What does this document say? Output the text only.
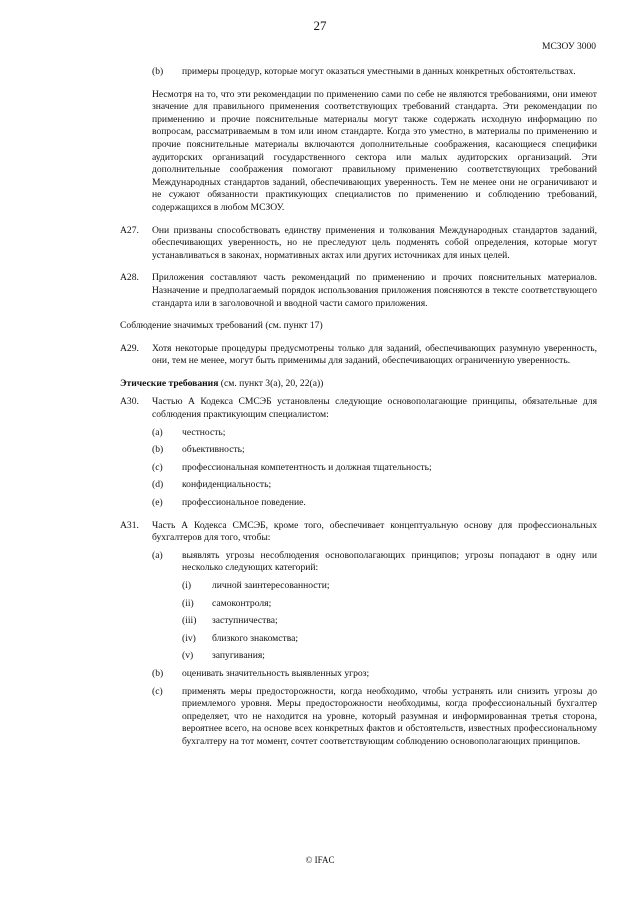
27
МСЗОУ 3000
(b)	примеры процедур, которые могут оказаться уместными в данных конкретных обстоятельствах.

Несмотря на то, что эти рекомендации по применению сами по себе не являются требованиями, они имеют значение для правильного применения соответствующих требований стандарта. Эти рекомендации по применению и прочие пояснительные материалы могут также содержать исходную информацию по вопросам, рассматриваемым в том или ином стандарте. Когда это уместно, в материалы по применению и прочие пояснительные материалы включаются дополнительные соображения, касающиеся специфики аудиторских организаций государственного сектора или малых аудиторских организаций. Эти дополнительные соображения помогают правильному применению соответствующих требований Международных стандартов заданий, обеспечивающих уверенность. Тем не менее они не ограничивают и не сужают обязанности практикующих специалистов по применению и соблюдению требований, содержащихся в любом МСЗОУ.

A27.	Они призваны способствовать единству применения и толкования Международных стандартов заданий, обеспечивающих уверенность, но не преследуют цель подменять собой определения, которые могут устанавливаться в законах, нормативных актах или других источниках для иных целей.
A28.	Приложения составляют часть рекомендаций по применению и прочих пояснительных материалов. Назначение и предполагаемый порядок использования приложения поясняются в тексте соответствующего стандарта или в заголовочной и вводной части самого приложения.

Соблюдение значимых требований (см. пункт 17)

A29.	Хотя некоторые процедуры предусмотрены только для заданий, обеспечивающих разумную уверенность, они, тем не менее, могут быть применимы для заданий, обеспечивающих ограниченную уверенность.

Этические требования (см. пункт 3(a), 20, 22(a))

A30.	Частью А Кодекса СМСЭБ установлены следующие основополагающие принципы, обязательные для соблюдения практикующим специалистом:
(a)	честность;
(b)	объективность;
(c)	профессиональная компетентность и должная тщательность;
(d)	конфиденциальность;
(e)	профессиональное поведение.
A31.	Часть А Кодекса СМСЭБ, кроме того, обеспечивает концептуальную основу для профессиональных бухгалтеров для того, чтобы:
(a)	выявлять угрозы несоблюдения основополагающих принципов; угрозы попадают в одну или несколько следующих категорий:
(i)	личной заинтересованности;
(ii)	самоконтроля;
(iii)	заступничества;
(iv)	близкого знакомства;
(v)	запугивания;
(b)	оценивать значительность выявленных угроз;
(c)	применять меры предосторожности, когда необходимо, чтобы устранять или снизить угрозы до приемлемого уровня. Меры предосторожности необходимы, когда профессиональный бухгалтер определяет, что не находится на уровне, который разумная и информированная третья сторона, вероятнее всего, на основе всех конкретных фактов и обстоятельств, известных профессиональному бухгалтеру на тот момент, сочтет соответствующим соблюдению основополагающих принципов.
© IFAC
